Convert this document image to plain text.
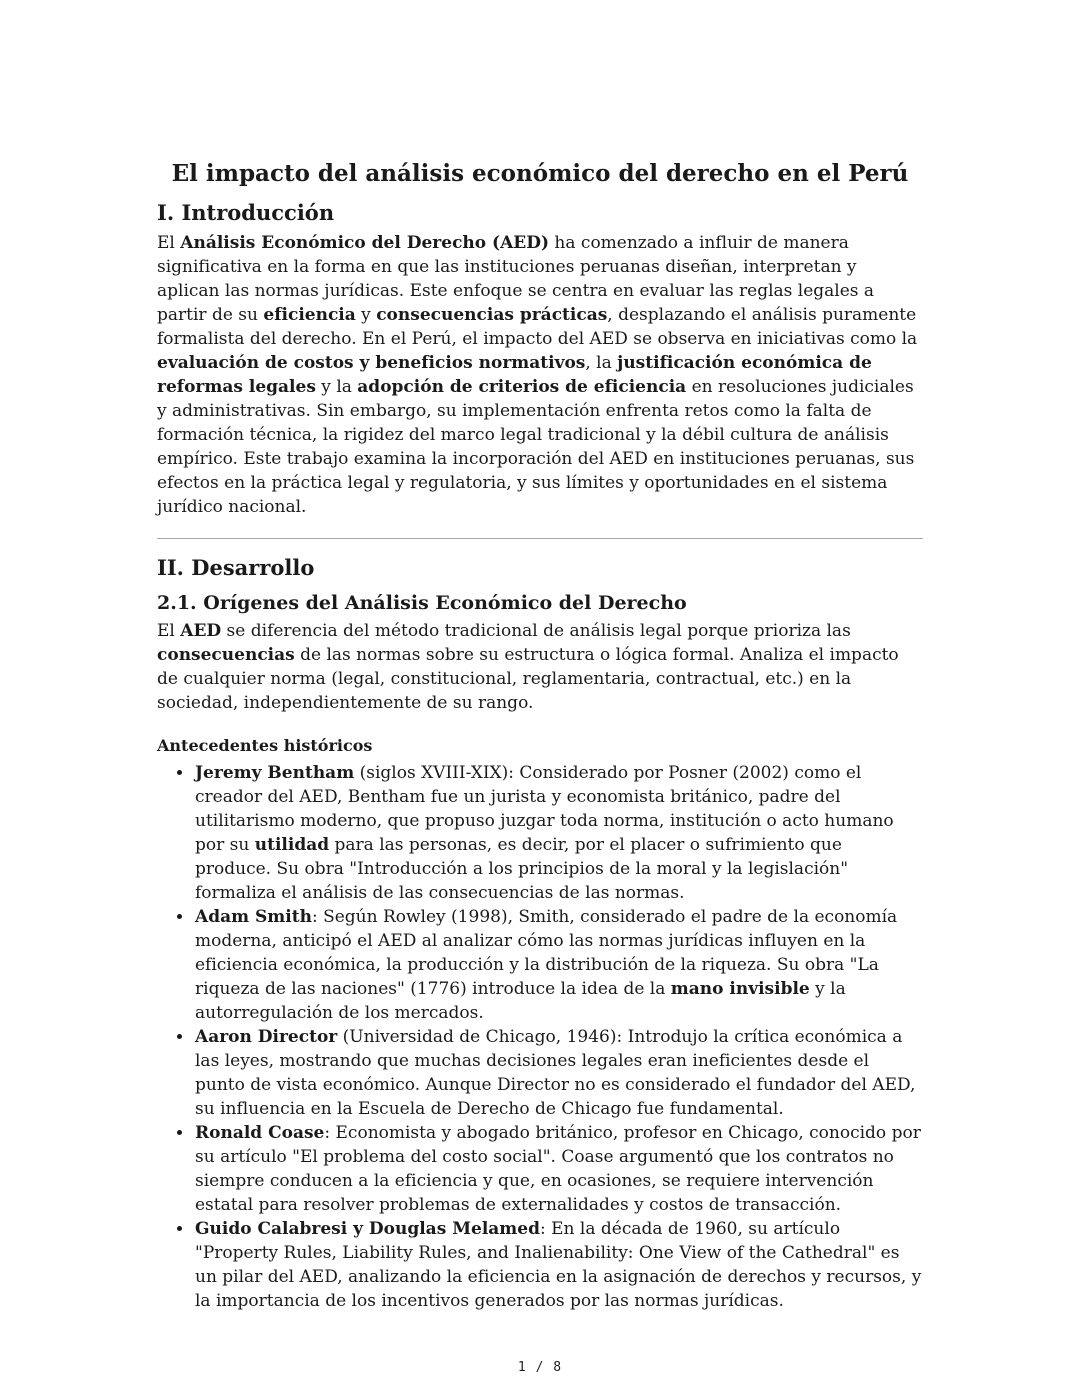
El impacto del análisis económico del derecho en el Perú
I. Introducción

El Análisis Económico del Derecho (AED) ha comenzado a influir de manera significativa en la forma en que las instituciones peruanas diseñan, interpretan y aplican las normas jurídicas. Este enfoque se centra en evaluar las reglas legales a partir de su eficiencia y consecuencias prácticas, desplazando el análisis puramente formalista del derecho. En el Perú, el impacto del AED se observa en iniciativas como la evaluación de costos y beneficios normativos, la justificación económica de reformas legales y la adopción de criterios de eficiencia en resoluciones judiciales y administrativas. Sin embargo, su implementación enfrenta retos como la falta de formación técnica, la rigidez del marco legal tradicional y la débil cultura de análisis empírico. Este trabajo examina la incorporación del AED en instituciones peruanas, sus efectos en la práctica legal y regulatoria, y sus límites y oportunidades en el sistema jurídico nacional.

II. Desarrollo
2.1. Orígenes del Análisis Económico del Derecho

El AED se diferencia del método tradicional de análisis legal porque prioriza las consecuencias de las normas sobre su estructura o lógica formal. Analiza el impacto de cualquier norma (legal, constitucional, reglamentaria, contractual, etc.) en la sociedad, independientemente de su rango.

Antecedentes históricos
• Jeremy Bentham (siglos XVIII-XIX): Considerado por Posner (2002) como el creador del AED, Bentham fue un jurista y economista británico, padre del utilitarismo moderno, que propuso juzgar toda norma, institución o acto humano por su utilidad para las personas, es decir, por el placer o sufrimiento que produce. Su obra "Introducción a los principios de la moral y la legislación" formaliza el análisis de las consecuencias de las normas.
• Adam Smith: Según Rowley (1998), Smith, considerado el padre de la economía moderna, anticipó el AED al analizar cómo las normas jurídicas influyen en la eficiencia económica, la producción y la distribución de la riqueza. Su obra "La riqueza de las naciones" (1776) introduce la idea de la mano invisible y la autorregulación de los mercados.
• Aaron Director (Universidad de Chicago, 1946): Introdujo la crítica económica a las leyes, mostrando que muchas decisiones legales eran ineficientes desde el punto de vista económico. Aunque Director no es considerado el fundador del AED, su influencia en la Escuela de Derecho de Chicago fue fundamental.
• Ronald Coase: Economista y abogado británico, profesor en Chicago, conocido por su artículo "El problema del costo social". Coase argumentó que los contratos no siempre conducen a la eficiencia y que, en ocasiones, se requiere intervención estatal para resolver problemas de externalidades y costos de transacción.
• Guido Calabresi y Douglas Melamed: En la década de 1960, su artículo "Property Rules, Liability Rules, and Inalienability: One View of the Cathedral" es un pilar del AED, analizando la eficiencia en la asignación de derechos y recursos, y la importancia de los incentivos generados por las normas jurídicas.
1 / 8
